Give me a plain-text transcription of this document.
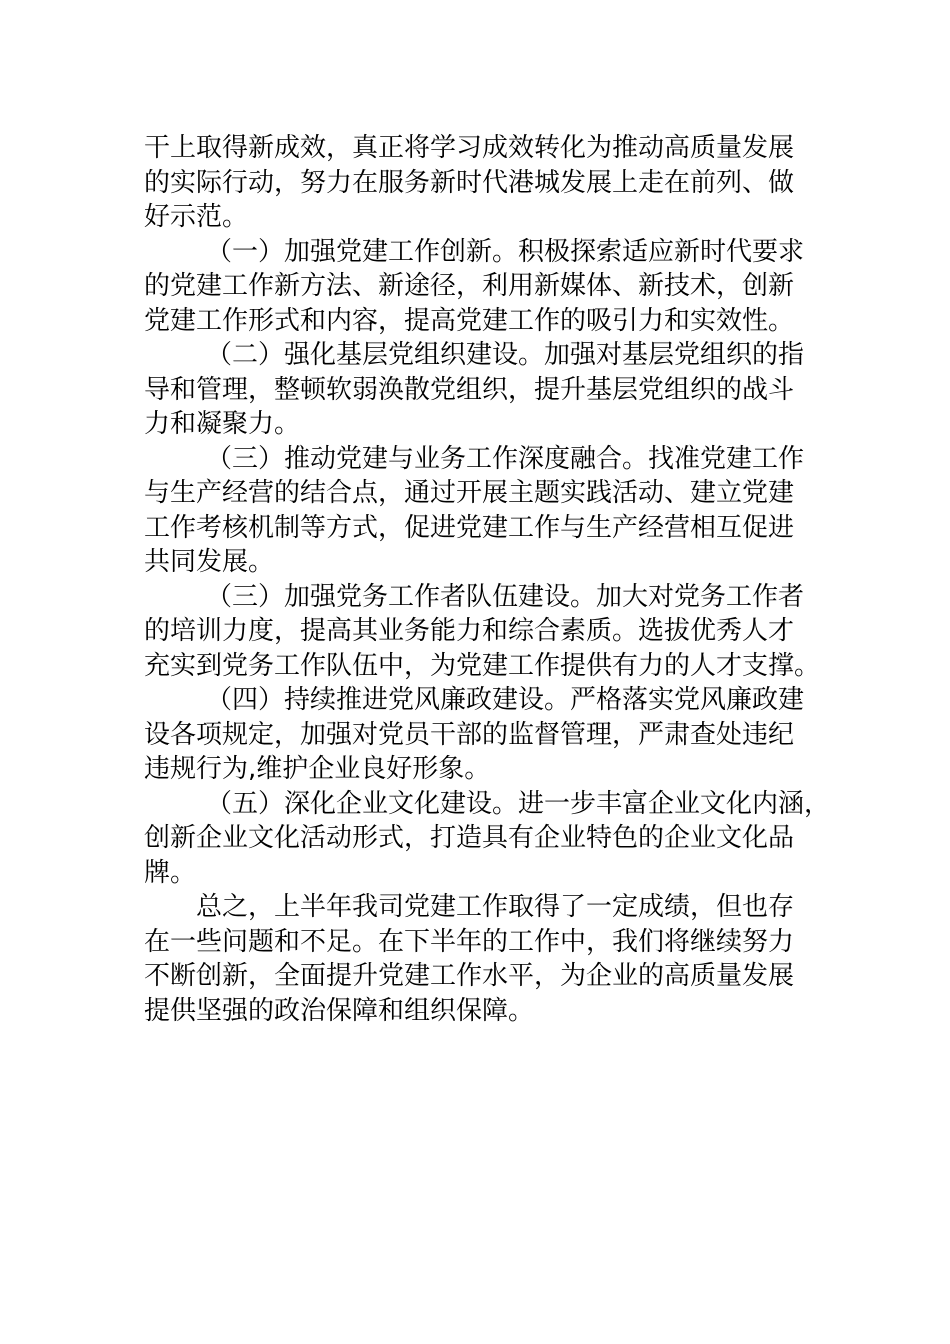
干上取得新成效，真正将学习成效转化为推动高质量发展
的实际行动，努力在服务新时代港城发展上走在前列、做
好示范。

（一）加强党建工作创新。积极探索适应新时代要求
的党建工作新方法、新途径，利用新媒体、新技术，创新
党建工作形式和内容，提高党建工作的吸引力和实效性。

（二）强化基层党组织建设。加强对基层党组织的指
导和管理，整顿软弱涣散党组织，提升基层党组织的战斗
力和凝聚力。

（三）推动党建与业务工作深度融合。找准党建工作
与生产经营的结合点，通过开展主题实践活动、建立党建
工作考核机制等方式，促进党建工作与生产经营相互促进
共同发展。

（三）加强党务工作者队伍建设。加大对党务工作者
的培训力度，提高其业务能力和综合素质。选拔优秀人才
充实到党务工作队伍中，为党建工作提供有力的人才支撑。

（四）持续推进党风廉政建设。严格落实党风廉政建
设各项规定，加强对党员干部的监督管理，严肃查处违纪
违规行为,维护企业良好形象。

（五）深化企业文化建设。进一步丰富企业文化内涵，
创新企业文化活动形式，打造具有企业特色的企业文化品
牌。

总之，上半年我司党建工作取得了一定成绩，但也存
在一些问题和不足。在下半年的工作中，我们将继续努力
不断创新，全面提升党建工作水平，为企业的高质量发展
提供坚强的政治保障和组织保障。
